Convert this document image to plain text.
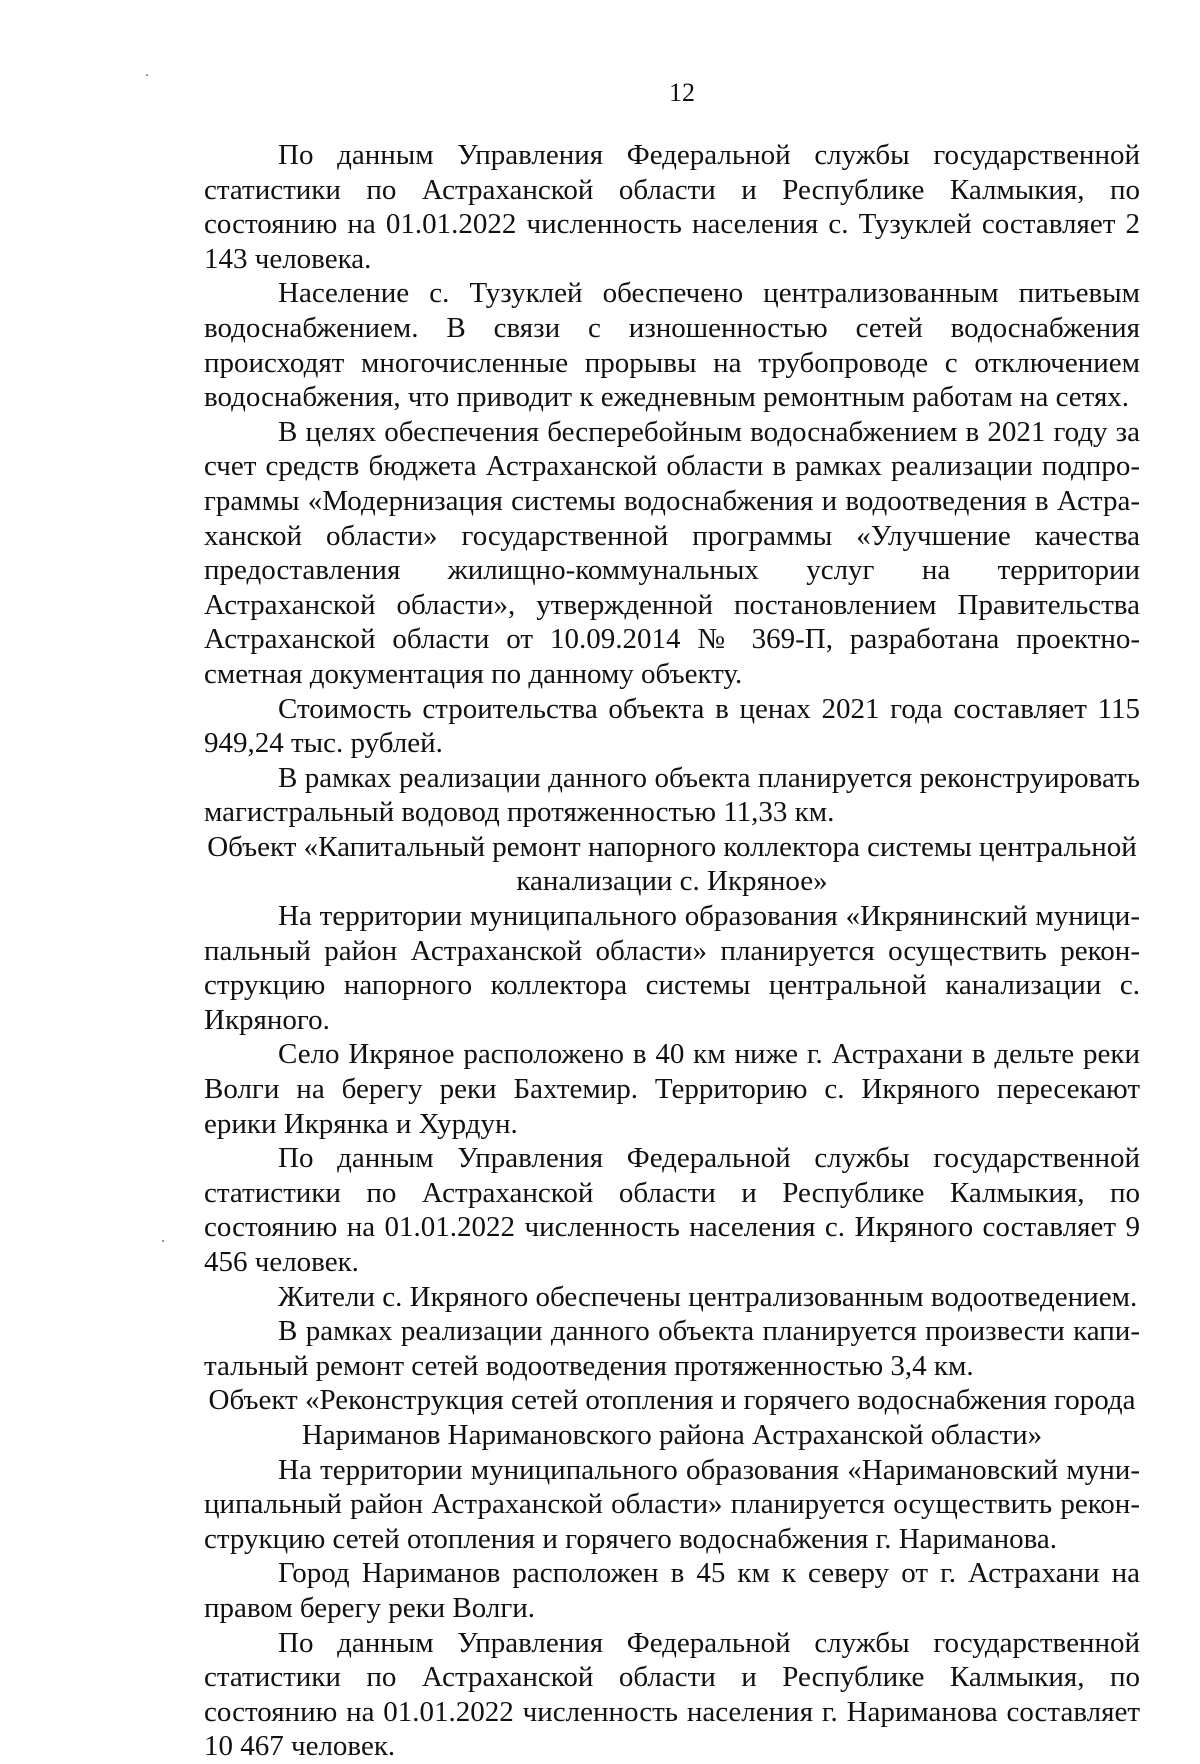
12

По данным Управления Федеральной службы государственной статистики по Астраханской области и Республике Калмыкия, по состоянию на 01.01.2022 численность населения с. Тузуклей составляет 2 143 человека.

Население с. Тузуклей обеспечено централизованным питьевым водоснабжением. В связи с изношенностью сетей водоснабжения происходят многочисленные прорывы на трубопроводе с отключением водоснабжения, что приводит к ежедневным ремонтным работам на сетях.

В целях обеспечения бесперебойным водоснабжением в 2021 году за счет средств бюджета Астраханской области в рамках реализации подпрограммы «Модернизация системы водоснабжения и водоотведения в Астраханской области» государственной программы «Улучшение качества предоставления жилищно-коммунальных услуг на территории Астраханской области», утвержденной постановлением Правительства Астраханской области от 10.09.2014 № 369-П, разработана проектно-сметная документация по данному объекту.

Стоимость строительства объекта в ценах 2021 года составляет 115 949,24 тыс. рублей.

В рамках реализации данного объекта планируется реконструировать магистральный водовод протяженностью 11,33 км.

Объект «Капитальный ремонт напорного коллектора системы центральной канализации с. Икряное»

На территории муниципального образования «Икрянинский муниципальный район Астраханской области» планируется осуществить реконструкцию напорного коллектора системы центральной канализации с. Икряного.

Село Икряное расположено в 40 км ниже г. Астрахани в дельте реки Волги на берегу реки Бахтемир. Территорию с. Икряного пересекают ерики Икрянка и Хурдун.

По данным Управления Федеральной службы государственной статистики по Астраханской области и Республике Калмыкия, по состоянию на 01.01.2022 численность населения с. Икряного составляет 9 456 человек.

Жители с. Икряного обеспечены централизованным водоотведением.

В рамках реализации данного объекта планируется произвести капитальный ремонт сетей водоотведения протяженностью 3,4 км.

Объект «Реконструкция сетей отопления и горячего водоснабжения города Нариманов Наримановского района Астраханской области»

На территории муниципального образования «Наримановский муниципальный район Астраханской области» планируется осуществить реконструкцию сетей отопления и горячего водоснабжения г. Нариманова.

Город Нариманов расположен в 45 км к северу от г. Астрахани на правом берегу реки Волги.

По данным Управления Федеральной службы государственной статистики по Астраханской области и Республике Калмыкия, по состоянию на 01.01.2022 численность населения г. Нариманова составляет 10 467 человек.
